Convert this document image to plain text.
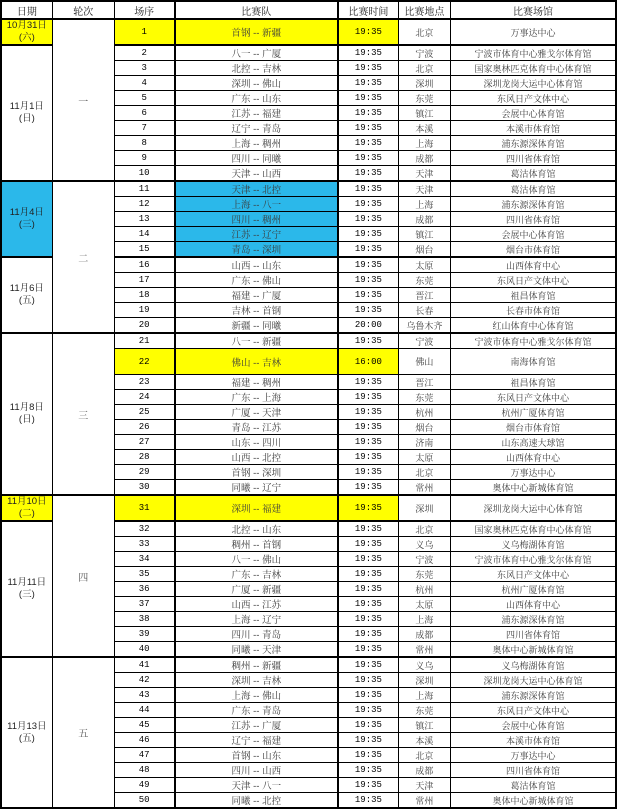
日期	轮次	场序	比赛队	比赛时间	比赛地点	比赛场馆

10月31日
(六)	一	1	首钢 -- 新疆	19:35	北京	万事达中心

11月1日
(日)		2	八一 -- 广厦	19:35	宁波	宁波市体育中心雅戈尔体育馆
		3	北控 -- 吉林	19:35	北京	国家奥林匹克体育中心体育馆
		4	深圳 -- 佛山	19:35	深圳	深圳龙岗大运中心体育馆
		5	广东 -- 山东	19:35	东莞	东风日产文体中心
		6	江苏 -- 福建	19:35	镇江	会展中心体育馆
		7	辽宁 -- 青岛	19:35	本溪	本溪市体育馆
		8	上海 -- 稠州	19:35	上海	浦东源深体育馆
		9	四川 -- 同曦	19:35	成都	四川省体育馆
		10	天津 -- 山西	19:35	天津	葛沽体育馆

11月4日
(三)	二	11	天津 -- 北控	19:35	天津	葛沽体育馆
		12	上海 -- 八一	19:35	上海	浦东源深体育馆
		13	四川 -- 稠州	19:35	成都	四川省体育馆
		14	江苏 -- 辽宁	19:35	镇江	会展中心体育馆
		15	青岛 -- 深圳	19:35	烟台	烟台市体育馆

11月6日
(五)		16	山西 -- 山东	19:35	太原	山西体育中心
		17	广东 -- 佛山	19:35	东莞	东风日产文体中心
		18	福建 -- 广厦	19:35	晋江	祖昌体育馆
		19	吉林 -- 首钢	19:35	长春	长春市体育馆
		20	新疆 -- 同曦	20:00	乌鲁木齐	红山体育中心体育馆

11月8日
(日)	三	21	八一 -- 新疆	19:35	宁波	宁波市体育中心雅戈尔体育馆
		22	佛山 -- 吉林	16:00	佛山	南海体育馆
		23	福建 -- 稠州	19:35	晋江	祖昌体育馆
		24	广东 -- 上海	19:35	东莞	东风日产文体中心
		25	广厦 -- 天津	19:35	杭州	杭州广厦体育馆
		26	青岛 -- 江苏	19:35	烟台	烟台市体育馆
		27	山东 -- 四川	19:35	济南	山东高速大球馆
		28	山西 -- 北控	19:35	太原	山西体育中心
		29	首钢 -- 深圳	19:35	北京	万事达中心
		30	同曦 -- 辽宁	19:35	常州	奥体中心新城体育馆

11月10日
(二)	四	31	深圳 -- 福建	19:35	深圳	深圳龙岗大运中心体育馆

11月11日
(三)		32	北控 -- 山东	19:35	北京	国家奥林匹克体育中心体育馆
		33	稠州 -- 首钢	19:35	义乌	义乌梅湖体育馆
		34	八一 -- 佛山	19:35	宁波	宁波市体育中心雅戈尔体育馆
		35	广东 -- 吉林	19:35	东莞	东风日产文体中心
		36	广厦 -- 新疆	19:35	杭州	杭州广厦体育馆
		37	山西 -- 江苏	19:35	太原	山西体育中心
		38	上海 -- 辽宁	19:35	上海	浦东源深体育馆
		39	四川 -- 青岛	19:35	成都	四川省体育馆
		40	同曦 -- 天津	19:35	常州	奥体中心新城体育馆

11月13日
(五)	五	41	稠州 -- 新疆	19:35	义乌	义乌梅湖体育馆
		42	深圳 -- 吉林	19:35	深圳	深圳龙岗大运中心体育馆
		43	上海 -- 佛山	19:35	上海	浦东源深体育馆
		44	广东 -- 青岛	19:35	东莞	东风日产文体中心
		45	江苏 -- 广厦	19:35	镇江	会展中心体育馆
		46	辽宁 -- 福建	19:35	本溪	本溪市体育馆
		47	首钢 -- 山东	19:35	北京	万事达中心
		48	四川 -- 山西	19:35	成都	四川省体育馆
		49	天津 -- 八一	19:35	天津	葛沽体育馆
		50	同曦 -- 北控	19:35	常州	奥体中心新城体育馆
